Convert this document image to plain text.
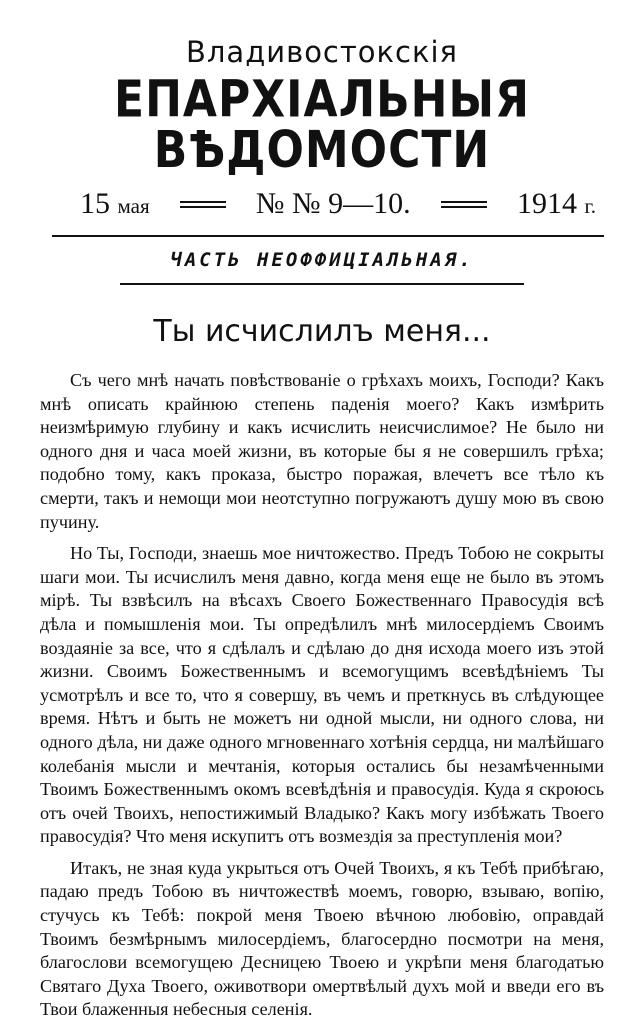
Владивостокскія
ЕПАРХІАЛЬНЫЯ ВѢДОМОСТИ
15 мая	№ № 9—10.	1914 г.
ЧАСТЬ НЕОФФИЦІАЛЬНАЯ.
Ты исчислилъ меня...

Съ чего мнѣ начать повѣствованіе о грѣхахъ моихъ, Господи? Какъ мнѣ описать крайнюю степень паденія моего? Какъ измѣрить неизмѣримую глубину и какъ исчислить неисчислимое? Не было ни одного дня и часа моей жизни, въ которые бы я не совершилъ грѣха; подобно тому, какъ проказа, быстро поражая, влечетъ все тѣло къ смерти, такъ и немощи мои неотступно погружаютъ душу мою въ свою пучину.

Но Ты, Господи, знаешь мое ничтожество. Предъ Тобою не сокрыты шаги мои. Ты исчислилъ меня давно, когда меня еще не было въ этомъ мірѣ. Ты взвѣсилъ на вѣсахъ Своего Божественнаго Правосудія всѣ дѣла и помышленія мои. Ты опредѣлилъ мнѣ милосердіемъ Своимъ воздаяніе за все, что я сдѣлалъ и сдѣлаю до дня исхода моего изъ этой жизни. Своимъ Божественнымъ и всемогущимъ всевѣдѣніемъ Ты усмотрѣлъ и все то, что я совершу, въ чемъ и преткнусь въ слѣдующее время. Нѣтъ и быть не можетъ ни одной мысли, ни одного слова, ни одного дѣла, ни даже одного мгновеннаго хотѣнія сердца, ни малѣйшаго колебанія мысли и мечтанія, которыя остались бы незамѣченными Твоимъ Божественнымъ окомъ всевѣдѣнія и правосудія. Куда я скроюсь отъ очей Твоихъ, непостижимый Владыко? Какъ могу избѣжать Твоего правосудія? Что меня искупитъ отъ возмездія за преступленія мои?

Итакъ, не зная куда укрыться отъ Очей Твоихъ, я къ Тебѣ прибѣгаю, падаю предъ Тобою въ ничтожествѣ моемъ, говорю, взываю, вопію, стучусь къ Тебѣ: покрой меня Твоею вѣчною любовію, оправдай Твоимъ безмѣрнымъ милосердіемъ, благосердно посмотри на меня, благослови всемогущею Десницею Твоею и укрѣпи меня благодатью Святаго Духа Твоего, оживотвори омертвѣлый духъ мой и введи его въ Твои блаженныя небесныя селенія.
